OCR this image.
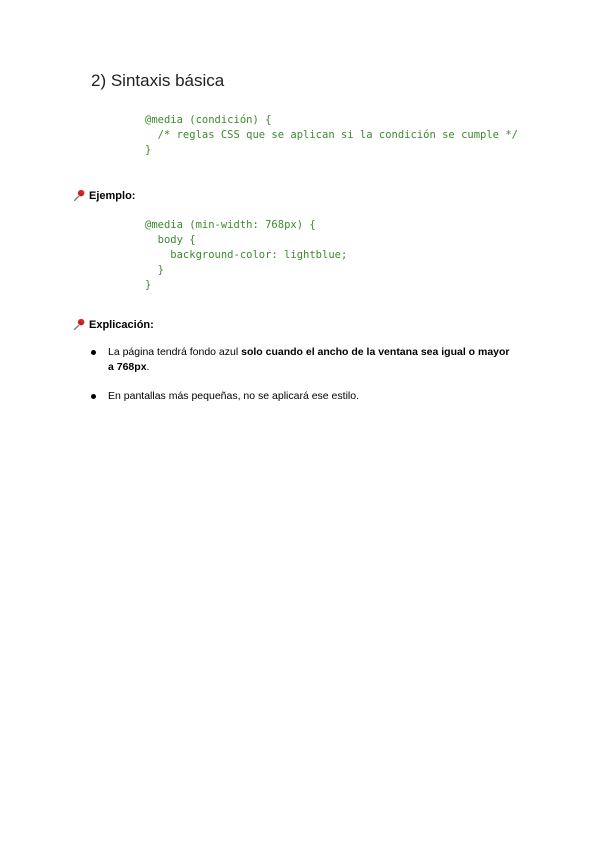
2) Sintaxis básica
@media (condición) {
/* reglas CSS que se aplican si la condición se cumple */
}
Ejemplo:
@media (min-width: 768px) {
body {
background-color: lightblue;
}
}
Explicación:
La página tendrá fondo azul solo cuando el ancho de la ventana sea igual o mayor a 768px.
En pantallas más pequeñas, no se aplicará ese estilo.
